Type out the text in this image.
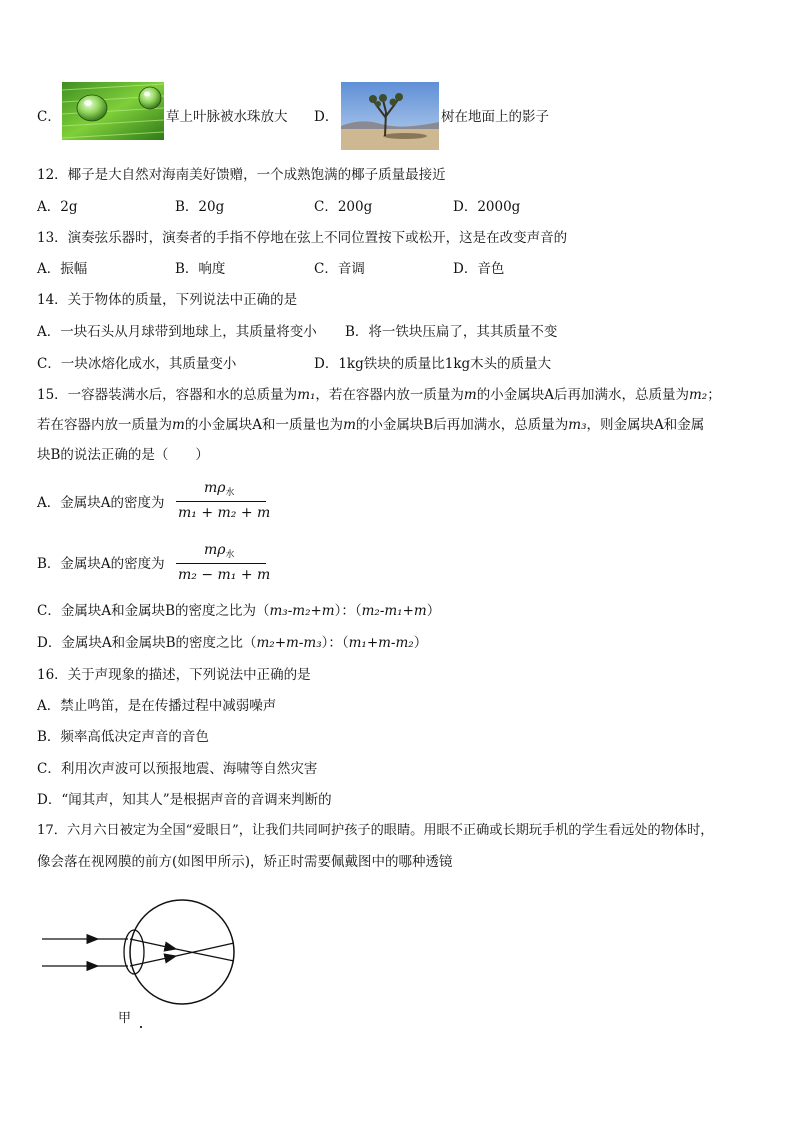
C．	草上叶脉被水珠放大 D．	树在地面上的影子
12．椰子是大自然对海南美好馈赠，一个成熟饱满的椰子质量最接近
A．2g	B．20g	C．200g	D．2000g
13．演奏弦乐器时，演奏者的手指不停地在弦上不同位置按下或松开，这是在改变声音的
A．振幅	B．响度	C．音调	D．音色
14．关于物体的质量，下列说法中正确的是
A．一块石头从月球带到地球上，其质量将变小 B．将一铁块压扁了，其其质量不变
C．一块冰熔化成水，其质量变小	D．1kg铁块的质量比1kg木头的质量大
15．一容器装满水后，容器和水的总质量为m₁，若在容器内放一质量为m的小金属块A后再加满水，总质量为m₂；
若在容器内放一质量为m的小金属块A和一质量也为m的小金属块B后再加满水，总质量为m₃，则金属块A和金属
块B的说法正确的是（　　）
A．金属块A的密度为
$m\rho_水$
m₁ + m₂ + m
B．金属块A的密度为
$m\rho_水$
m₂ − m₁ + m
C．金属块A和金属块B的密度之比为（m₃-m₂+m）：（m₂-m₁+m）
D．金属块A和金属块B的密度之比（m₂+m-m₃）：（m₁+m-m₂）
16．关于声现象的描述，下列说法中正确的是
A．禁止鸣笛，是在传播过程中减弱噪声
B．频率高低决定声音的音色
C．利用次声波可以预报地震、海啸等自然灾害
D．“闻其声，知其人”是根据声音的音调来判断的
17．六月六日被定为全国“爱眼日”，让我们共同呵护孩子的眼睛。用眼不正确或长期玩手机的学生看远处的物体时，
像会落在视网膜的前方(如图甲所示)，矫正时需要佩戴图中的哪种透镜
甲
